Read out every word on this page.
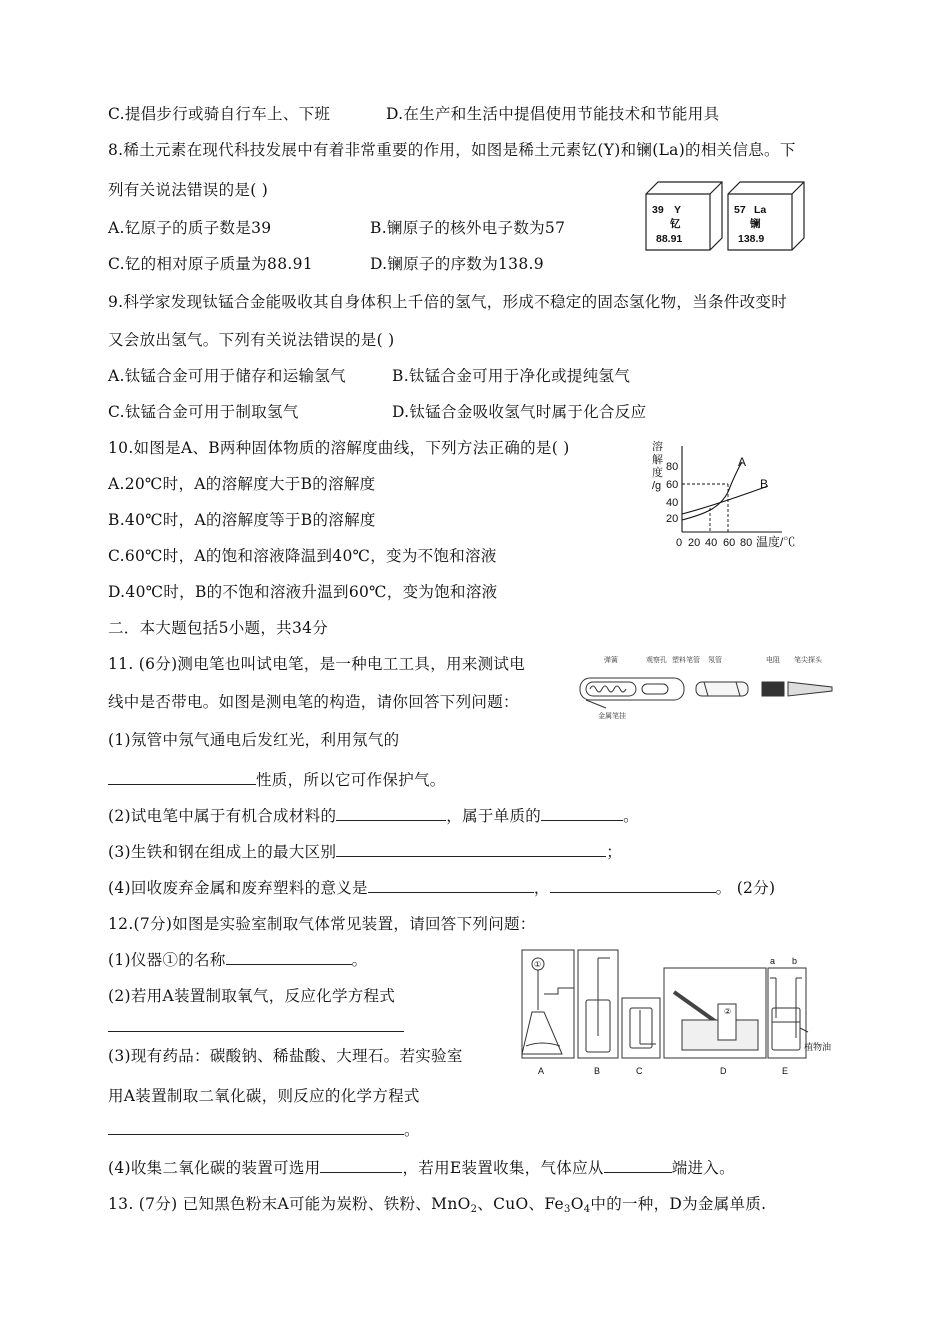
C.提倡步行或骑自行车上、下班	D.在生产和生活中提倡使用节能技术和节能用具
8.稀土元素在现代科技发展中有着非常重要的作用，如图是稀土元素钇(Y)和镧(La)的相关信息。下
列有关说法错误的是( )
A.钇原子的质子数是39	B.镧原子的核外电子数为57
C.钇的相对原子质量为88.91	D.镧原子的序数为138.9
39 Y
钇
88.91
57 La
镧
138.9
9.科学家发现钛锰合金能吸收其自身体积上千倍的氢气，形成不稳定的固态氢化物，当条件改变时
又会放出氢气。下列有关说法错误的是( )
A.钛锰合金可用于储存和运输氢气	B.钛锰合金可用于净化或提纯氢气
C.钛锰合金可用于制取氢气	D.钛锰合金吸收氢气时属于化合反应
10.如图是A、B两种固体物质的溶解度曲线，下列方法正确的是( )
A.20℃时，A的溶解度大于B的溶解度
B.40℃时，A的溶解度等于B的溶解度
C.60℃时，A的饱和溶液降温到40℃，变为不饱和溶液
D.40℃时，B的不饱和溶液升温到60℃，变为饱和溶液
溶
解
度
/g
80
60
40
20
0 20 40 60 80 温度/℃
A
B
二．本大题包括5小题，共34分
11. (6分)测电笔也叫试电笔，是一种电工工具，用来测试电
线中是否带电。如图是测电笔的构造，请你回答下列问题：
弹簧	观察孔 塑料笔管 氖管	电阻 笔尖探头
金属笔挂
(1)氖管中氖气通电后发红光，利用氖气的
性质，所以它可作保护气。
(2)试电笔中属于有机合成材料的	，属于单质的	。
(3)生铁和钢在组成上的最大区别	；
(4)回收废弃金属和废弃塑料的意义是	，	。 (2分)
12.(7分)如图是实验室制取气体常见装置，请回答下列问题：
(1)仪器①的名称	。
(2)若用A装置制取氧气，反应化学方程式
(3)现有药品：碳酸钠、稀盐酸、大理石。若实验室
用A装置制取二氧化碳，则反应的化学方程式
。
(4)收集二氧化碳的装置可选用	，若用E装置收集，气体应从	端进入。
①
②
A	B	C	D	E
a b
植物油
13. (7分) 已知黑色粉末A可能为炭粉、铁粉、MnO$_2$、CuO、$Fe_3O_4$中的一种，D为金属单质.
